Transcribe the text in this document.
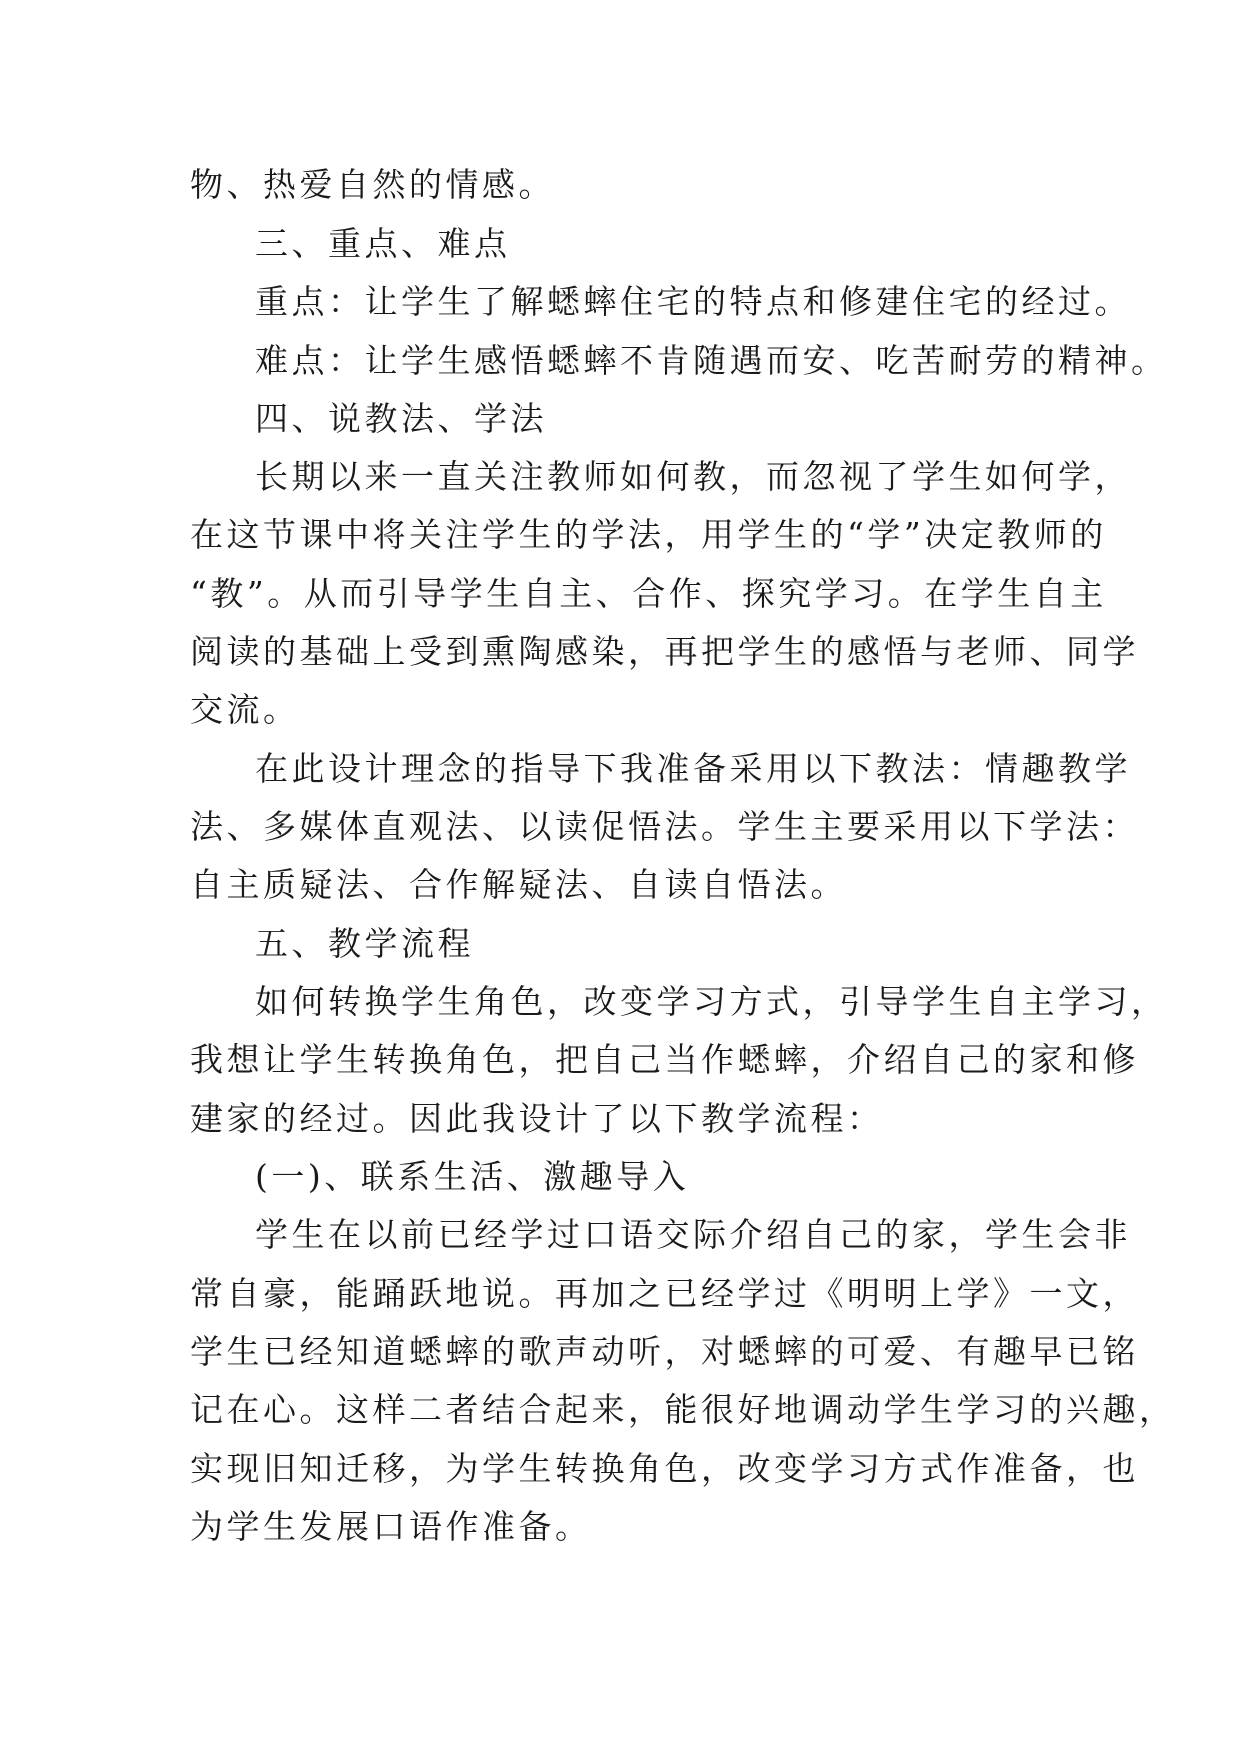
物、热爱自然的情感。
三、重点、难点
重点：让学生了解蟋蟀住宅的特点和修建住宅的经过。
难点：让学生感悟蟋蟀不肯随遇而安、吃苦耐劳的精神。
四、说教法、学法
长期以来一直关注教师如何教，而忽视了学生如何学，
在这节课中将关注学生的学法，用学生的“学”决定教师的
“教”。从而引导学生自主、合作、探究学习。在学生自主
阅读的基础上受到熏陶感染，再把学生的感悟与老师、同学
交流。
在此设计理念的指导下我准备采用以下教法：情趣教学
法、多媒体直观法、以读促悟法。学生主要采用以下学法：
自主质疑法、合作解疑法、自读自悟法。
五、教学流程
如何转换学生角色，改变学习方式，引导学生自主学习，
我想让学生转换角色，把自己当作蟋蟀，介绍自己的家和修
建家的经过。因此我设计了以下教学流程：
(一)、联系生活、激趣导入
学生在以前已经学过口语交际介绍自己的家，学生会非
常自豪，能踊跃地说。再加之已经学过《明明上学》一文，
学生已经知道蟋蟀的歌声动听，对蟋蟀的可爱、有趣早已铭
记在心。这样二者结合起来，能很好地调动学生学习的兴趣，
实现旧知迁移，为学生转换角色，改变学习方式作准备，也
为学生发展口语作准备。
